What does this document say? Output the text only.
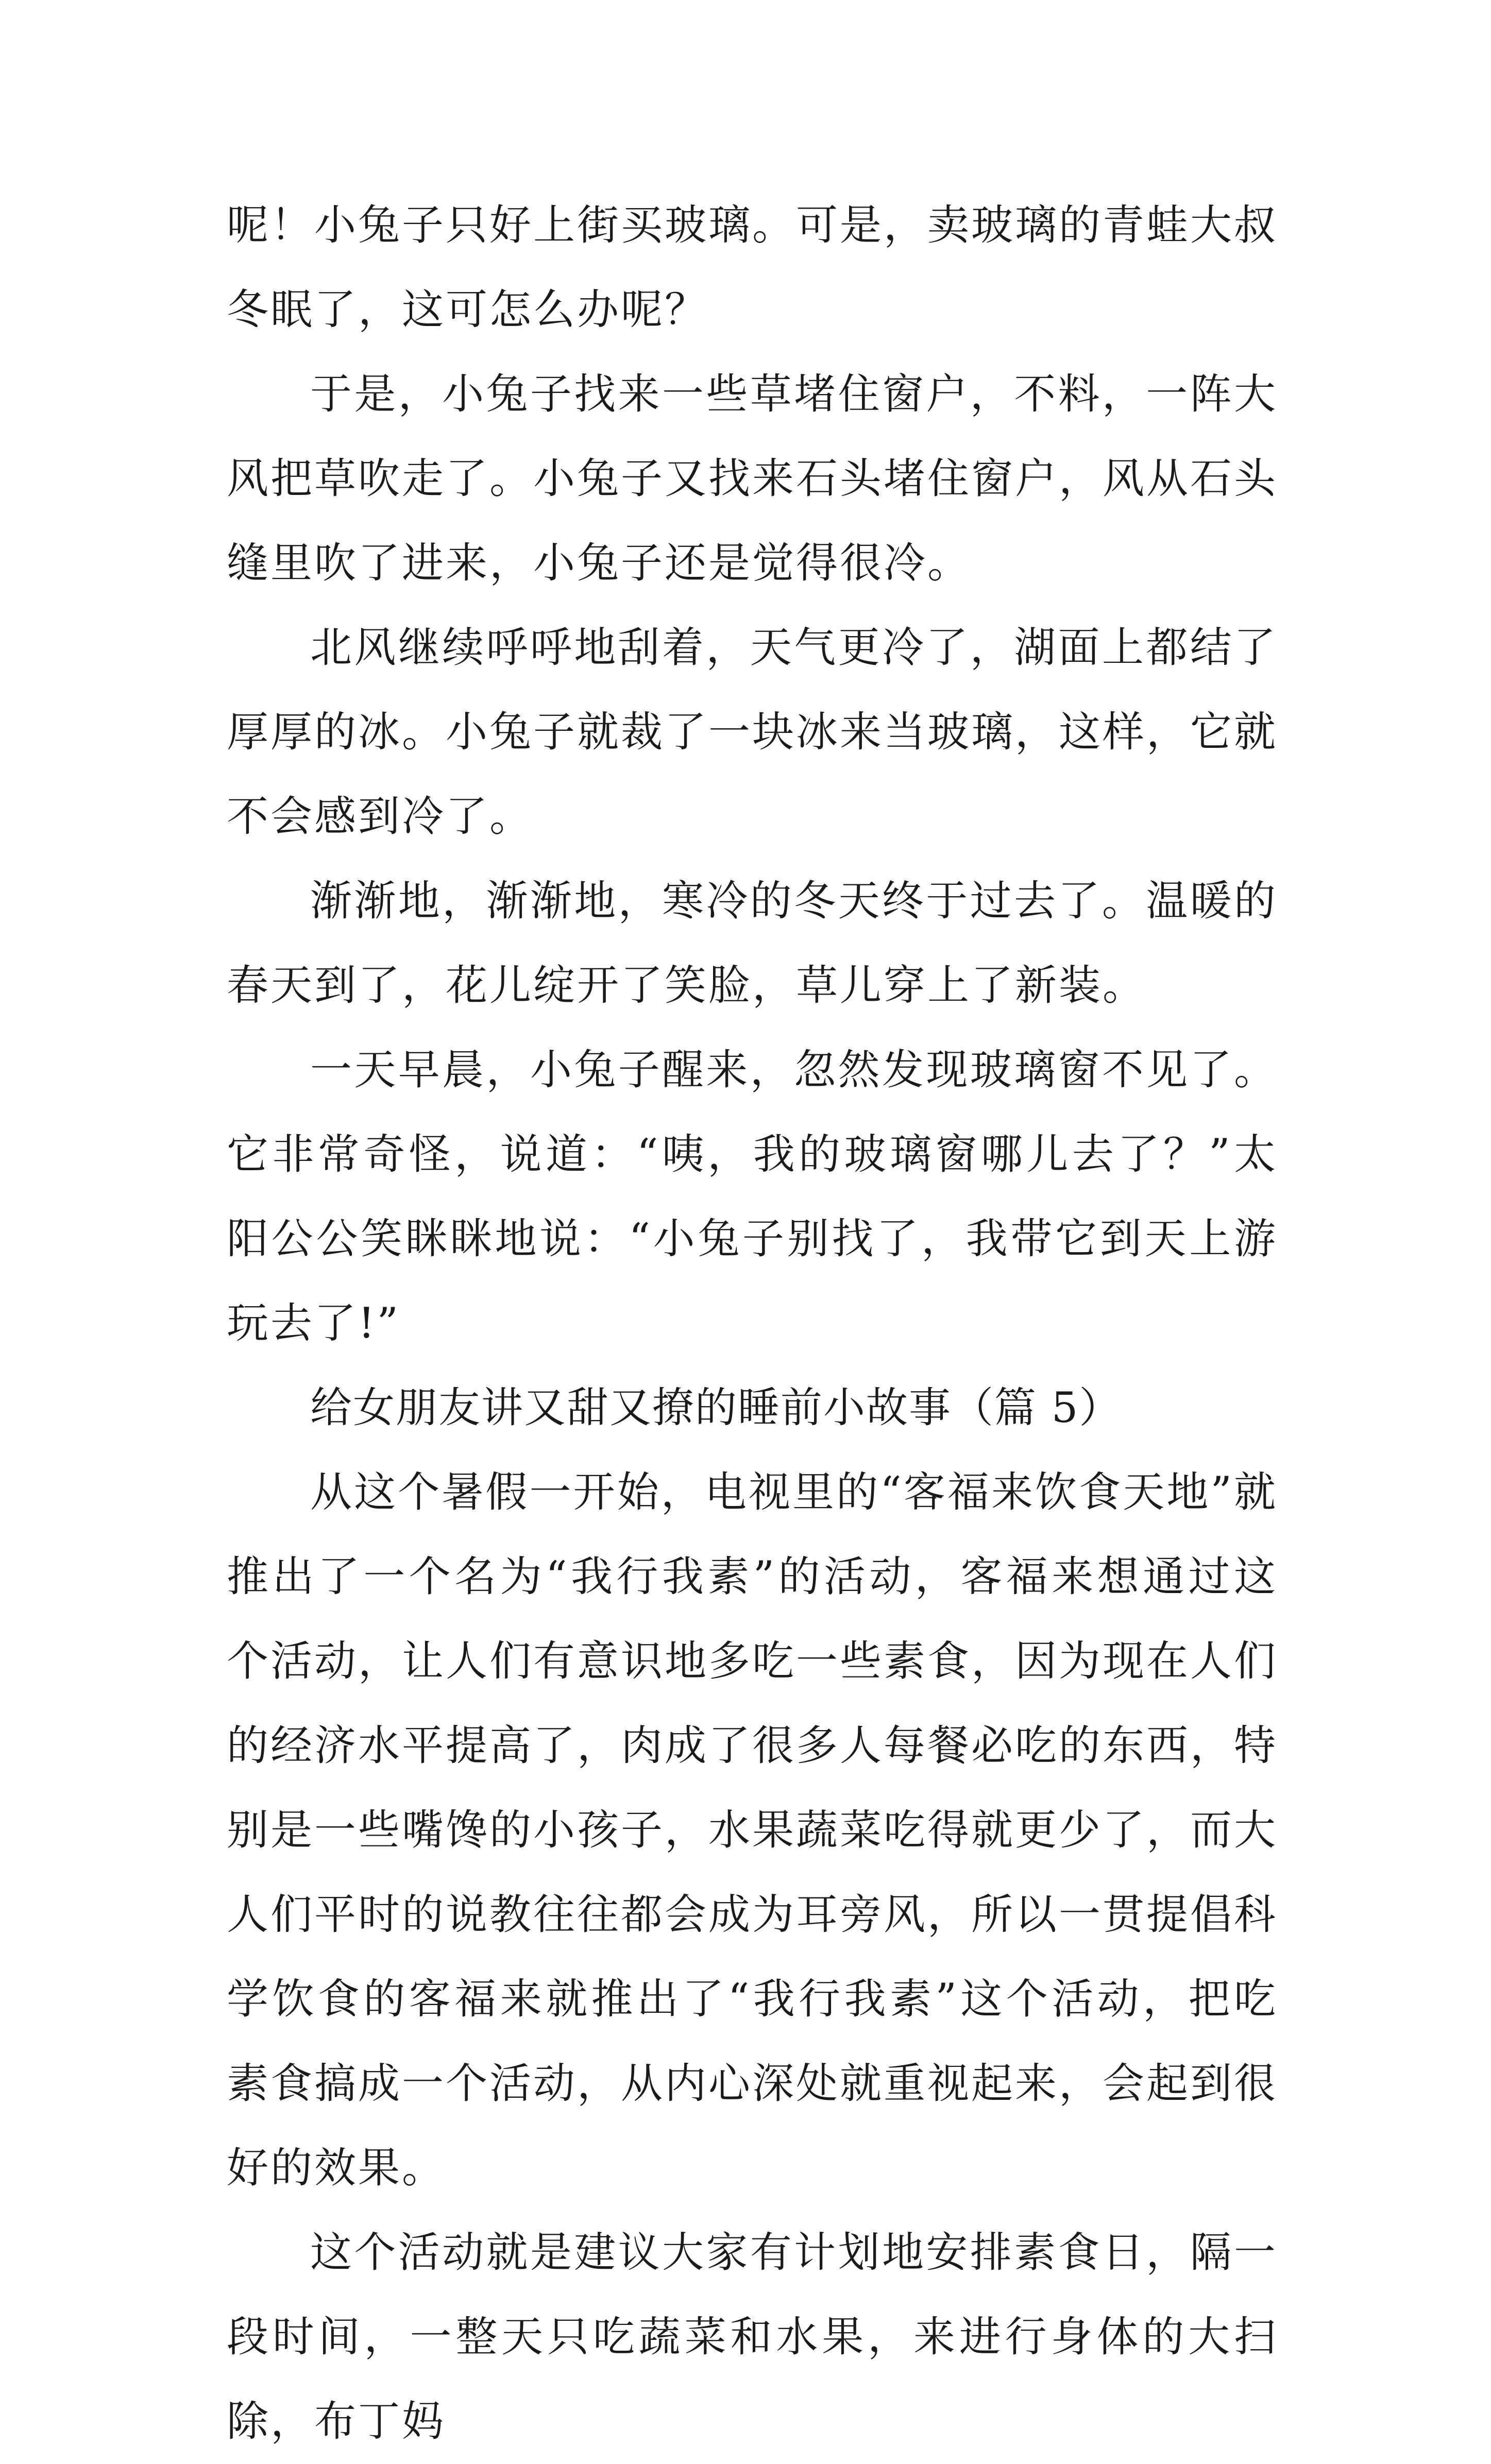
呢！小兔子只好上街买玻璃。可是，卖玻璃的青蛙大叔冬眠了，这可怎么办呢？

于是，小兔子找来一些草堵住窗户，不料，一阵大风把草吹走了。小兔子又找来石头堵住窗户，风从石头缝里吹了进来，小兔子还是觉得很冷。

北风继续呼呼地刮着，天气更冷了，湖面上都结了厚厚的冰。小兔子就裁了一块冰来当玻璃，这样，它就不会感到冷了。

渐渐地，渐渐地，寒冷的冬天终于过去了。温暖的春天到了，花儿绽开了笑脸，草儿穿上了新装。

一天早晨，小兔子醒来，忽然发现玻璃窗不见了。它非常奇怪，说道：“咦，我的玻璃窗哪儿去了？”太阳公公笑眯眯地说：“小兔子别找了，我带它到天上游玩去了!”

给女朋友讲又甜又撩的睡前小故事（篇 5）

从这个暑假一开始，电视里的“客福来饮食天地”就推出了一个名为“我行我素”的活动，客福来想通过这个活动，让人们有意识地多吃一些素食，因为现在人们的经济水平提高了，肉成了很多人每餐必吃的东西，特别是一些嘴馋的小孩子，水果蔬菜吃得就更少了，而大人们平时的说教往往都会成为耳旁风，所以一贯提倡科学饮食的客福来就推出了“我行我素”这个活动，把吃素食搞成一个活动，从内心深处就重视起来，会起到很好的效果。

这个活动就是建议大家有计划地安排素食日，隔一段时间，一整天只吃蔬菜和水果，来进行身体的大扫除，布丁妈
